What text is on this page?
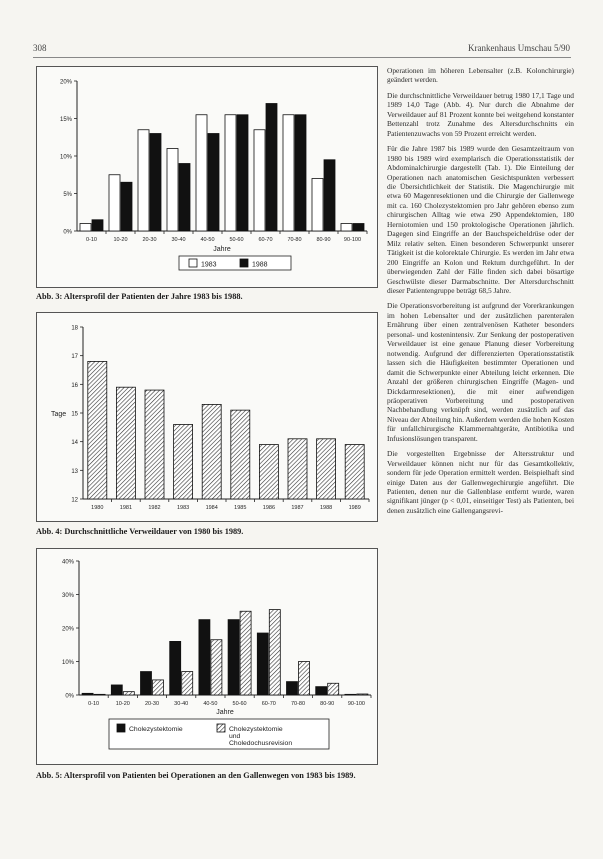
308	Krankenhaus Umschau 5/90
0%
5%
10%
15%
20%
0-10	10-20	20-30	30-40	40-50	50-60	60-70	70-80	80-90 90-100
Jahre
1983	1988
Abb. 3: Altersprofil der Patienten der Jahre 1983 bis 1988.
12
13
14
15
16
17
18
Tage
1980	1981	1982	1983	1984	1985	1986	1987	1988	1989
Abb. 4: Durchschnittliche Verweildauer von 1980 bis 1989.
0%
10%
20%
30%
40%
0-10	10-20	20-30	30-40	40-50	50-60	60-70	70-80	80-90 90-100
Jahre
Cholezystektomie	Cholezystektomie und Choledochusrevision
Abb. 5: Altersprofil von Patienten bei Operationen an den Gallenwegen von 1983 bis 1989.

Operationen im höheren Lebensalter (z.B. Kolonchirurgie) geändert werden.

Die durchschnittliche Verweildauer betrug 1980 17,1 Tage und 1989 14,0 Tage (Abb. 4). Nur durch die Abnahme der Verweildauer auf 81 Prozent konnte bei weitgehend konstanter Bettenzahl trotz Zunahme des Altersdurchschnitts ein Patientenzuwachs von 59 Prozent erreicht werden.

Für die Jahre 1987 bis 1989 wurde den Gesamtzeitraum von 1980 bis 1989 wird exemplarisch die Operationsstatistik der Abdominalchirurgie dargestellt (Tab. 1). Die Einteilung der Operationen nach anatomischen Gesichtspunkten verbessert die Übersichtlichkeit der Statistik. Die Magenchirurgie mit etwa 60 Magenresektionen und die Chirurgie der Gallenwege mit ca. 160 Cholezystektomien pro Jahr gehören ebenso zum chirurgischen Alltag wie etwa 290 Appendektomien, 180 Herniotomien und 150 proktologische Operationen jährlich. Dagegen sind Eingriffe an der Bauchspeicheldrüse oder der Milz relativ selten. Einen besonderen Schwerpunkt unserer Tätigkeit ist die kolorektale Chirurgie. Es werden im Jahr etwa 200 Eingriffe an Kolon und Rektum durchgeführt. In der überwiegenden Zahl der Fälle finden sich dabei bösartige Geschwülste dieser Darmabschnitte. Der Altersdurchschnitt dieser Patientengruppe beträgt 68,5 Jahre.

Die Operationsvorbereitung ist aufgrund der Vorerkrankungen im hohen Lebensalter und der zusätzlichen parenteralen Ernährung über einen zentralvenösen Katheter besonders personal- und kostenintensiv. Zur Senkung der postoperativen Verweildauer ist eine genaue Planung dieser Vorbereitung notwendig. Aufgrund der differenzierten Operationsstatistik lassen sich die Häufigkeiten bestimmter Operationen und damit die Schwerpunkte einer Abteilung leicht erkennen. Die Anzahl der größeren chirurgischen Eingriffe (Magen- und Dickdarmresektionen), die mit einer aufwendigen präoperativen Vorbereitung und postoperativen Nachbehandlung verknüpft sind, werden zusätzlich auf das Niveau der Abteilung hin. Außerdem werden die hohen Kosten für unfallchirurgische Klammernahtgeräte, Antibiotika und Infusionslösungen transparent.

Die vorgestellten Ergebnisse der Altersstruktur und Verweildauer können nicht nur für das Gesamtkollektiv, sondern für jede Operation ermittelt werden. Beispielhaft sind einige Daten aus der Gallenwegechirurgie angeführt. Die Patienten, denen nur die Gallenblase entfernt wurde, waren signifikant jünger (p < 0,01, einseitiger Test) als Patienten, bei denen zusätzlich eine Gallengangsrevi-
